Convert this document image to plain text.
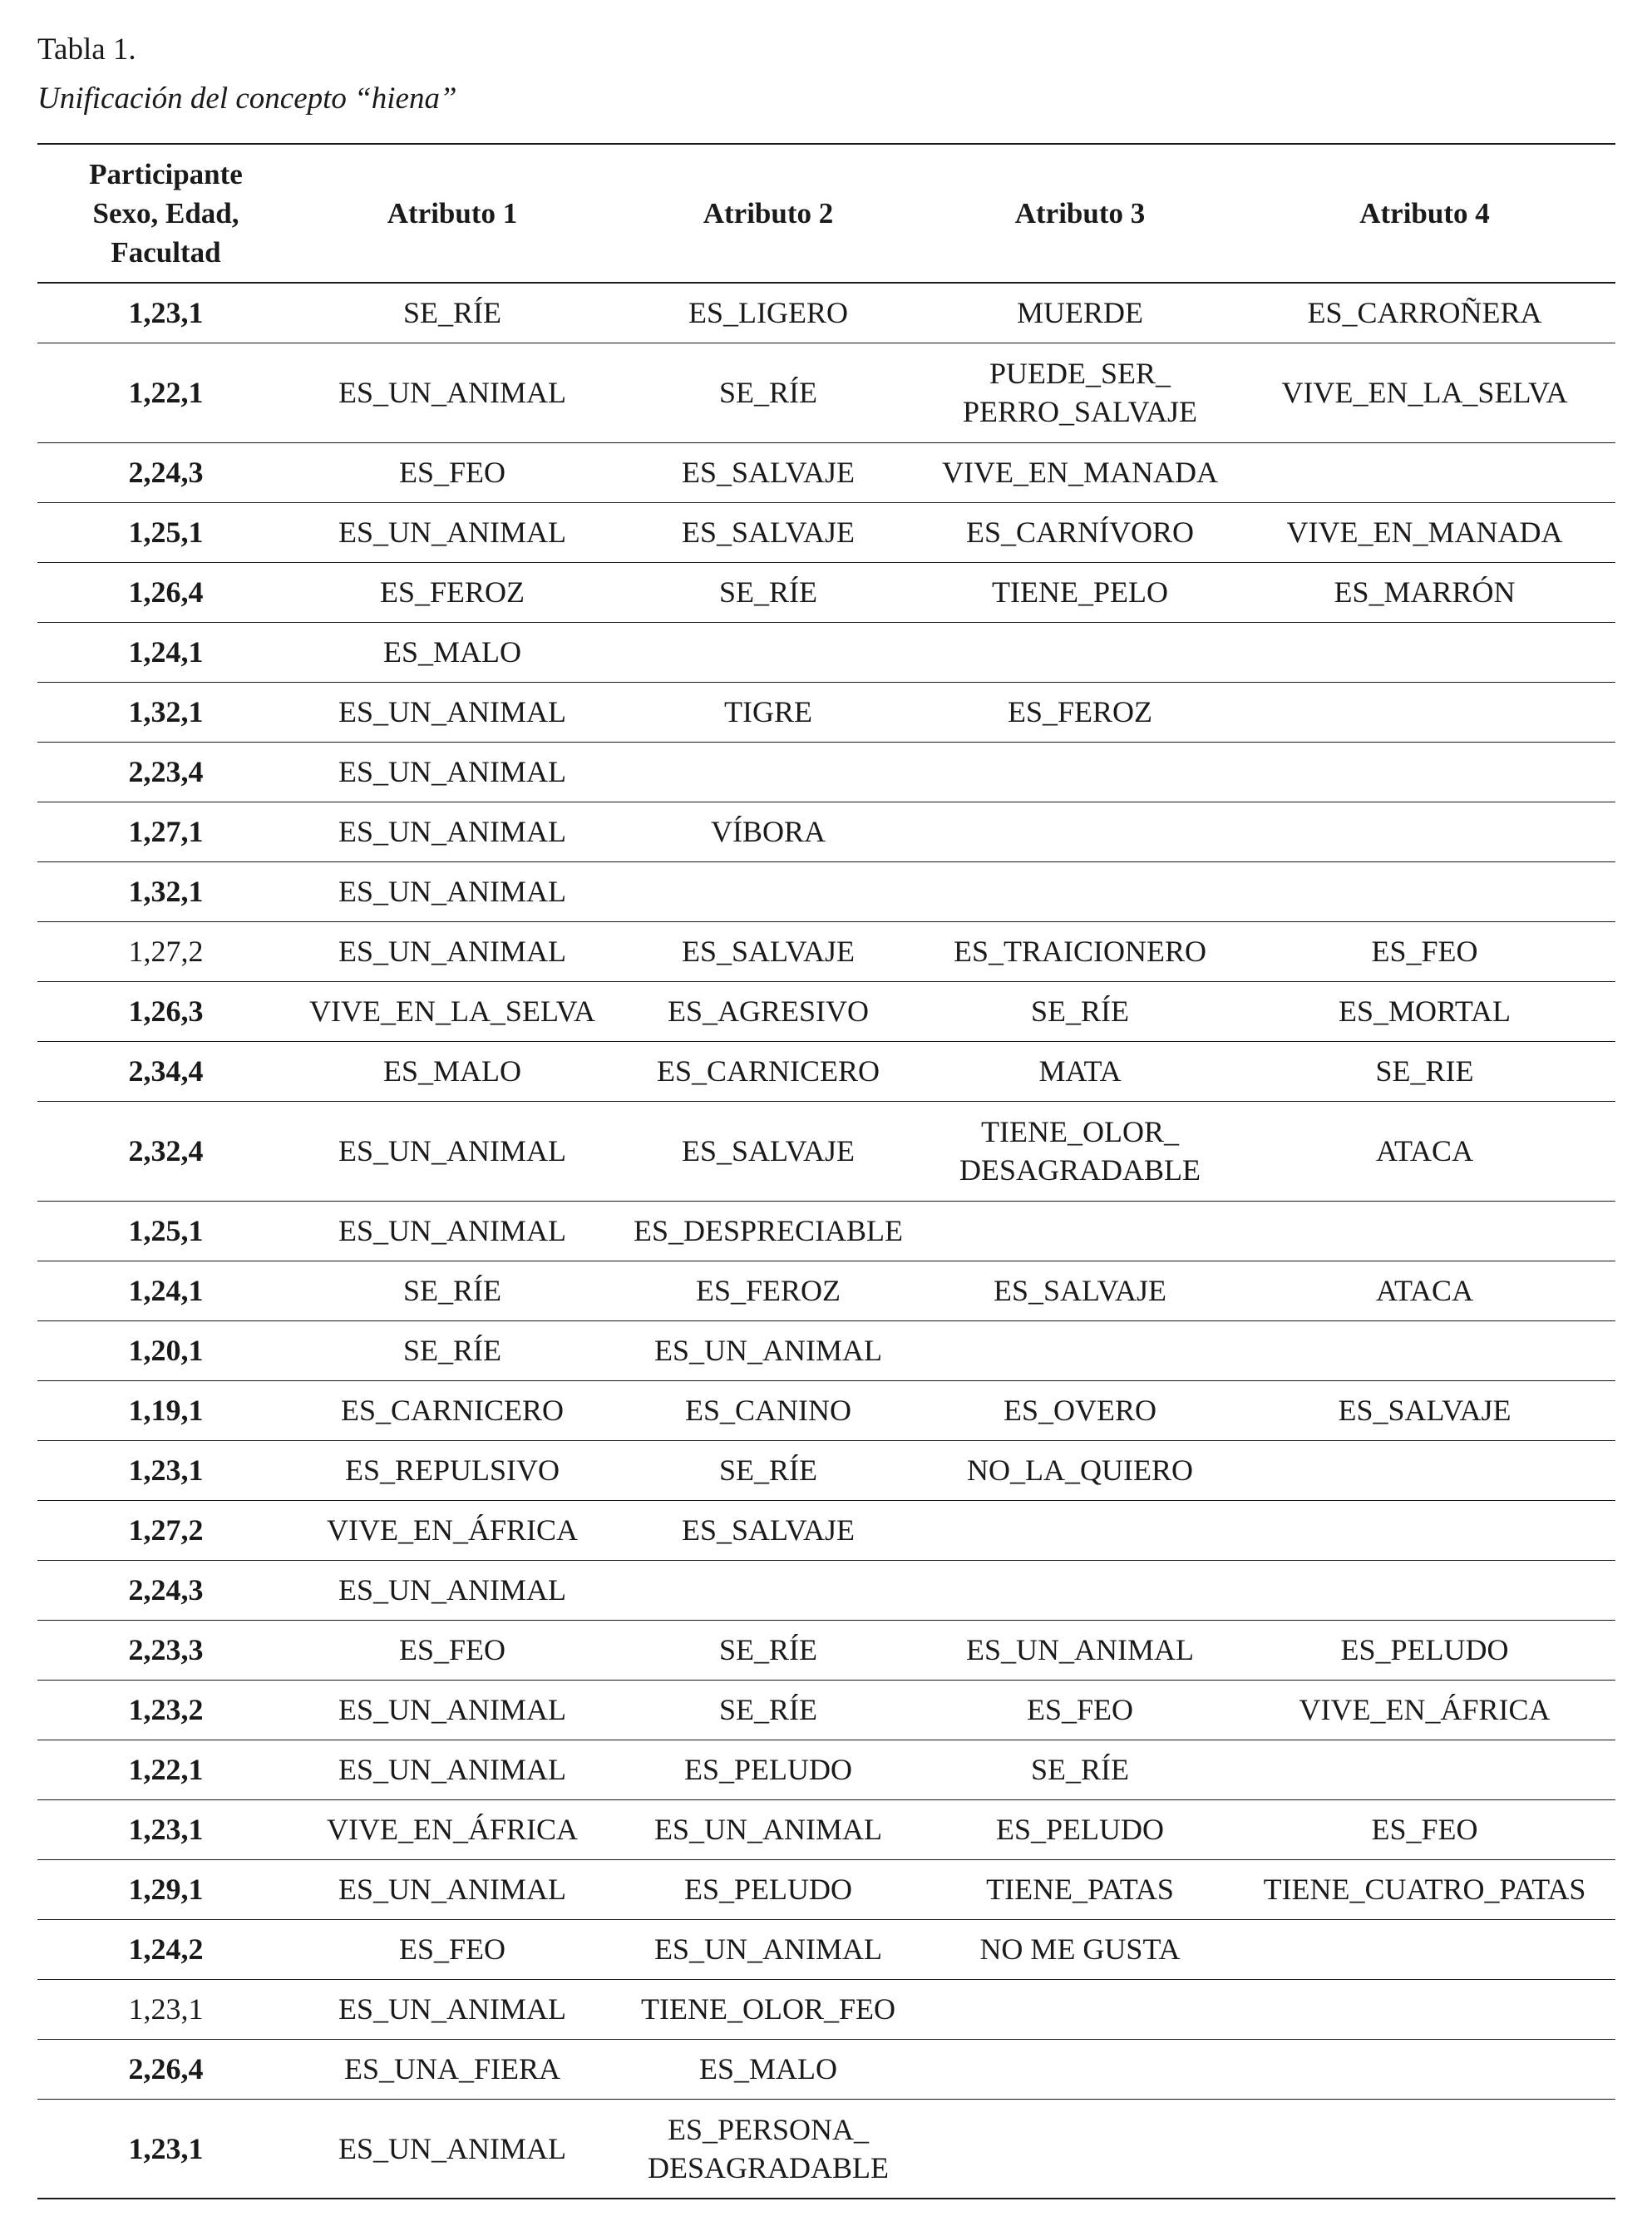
Tabla 1.
Unificación del concepto “hiena”
Participante
Sexo, Edad,
Facultad	Atributo 1	Atributo 2	Atributo 3	Atributo 4

1,23,1	SE_RÍE	ES_LIGERO	MUERDE	ES_CARROÑERA

1,22,1	ES_UN_ANIMAL	SE_RÍE	PUEDE_SER_
PERRO_SALVAJE	VIVE_EN_LA_SELVA

2,24,3	ES_FEO	ES_SALVAJE	VIVE_EN_MANADA	

1,25,1	ES_UN_ANIMAL	ES_SALVAJE	ES_CARNÍVORO	VIVE_EN_MANADA

1,26,4	ES_FEROZ	SE_RÍE	TIENE_PELO	ES_MARRÓN

1,24,1	ES_MALO			

1,32,1	ES_UN_ANIMAL	TIGRE	ES_FEROZ	

2,23,4	ES_UN_ANIMAL			

1,27,1	ES_UN_ANIMAL	VÍBORA		

1,32,1	ES_UN_ANIMAL			

1,27,2	ES_UN_ANIMAL	ES_SALVAJE	ES_TRAICIONERO	ES_FEO

1,26,3	VIVE_EN_LA_SELVA	ES_AGRESIVO	SE_RÍE	ES_MORTAL

2,34,4	ES_MALO	ES_CARNICERO	MATA	SE_RIE

2,32,4	ES_UN_ANIMAL	ES_SALVAJE	TIENE_OLOR_
DESAGRADABLE	ATACA

1,25,1	ES_UN_ANIMAL	ES_DESPRECIABLE		

1,24,1	SE_RÍE	ES_FEROZ	ES_SALVAJE	ATACA

1,20,1	SE_RÍE	ES_UN_ANIMAL		

1,19,1	ES_CARNICERO	ES_CANINO	ES_OVERO	ES_SALVAJE

1,23,1	ES_REPULSIVO	SE_RÍE	NO_LA_QUIERO	

1,27,2	VIVE_EN_ÁFRICA	ES_SALVAJE		

2,24,3	ES_UN_ANIMAL			

2,23,3	ES_FEO	SE_RÍE	ES_UN_ANIMAL	ES_PELUDO

1,23,2	ES_UN_ANIMAL	SE_RÍE	ES_FEO	VIVE_EN_ÁFRICA

1,22,1	ES_UN_ANIMAL	ES_PELUDO	SE_RÍE	

1,23,1	VIVE_EN_ÁFRICA	ES_UN_ANIMAL	ES_PELUDO	ES_FEO

1,29,1	ES_UN_ANIMAL	ES_PELUDO	TIENE_PATAS	TIENE_CUATRO_PATAS

1,24,2	ES_FEO	ES_UN_ANIMAL	NO ME GUSTA	

1,23,1	ES_UN_ANIMAL	TIENE_OLOR_FEO		

2,26,4	ES_UNA_FIERA	ES_MALO		

1,23,1	ES_UN_ANIMAL	ES_PERSONA_
DESAGRADABLE		
